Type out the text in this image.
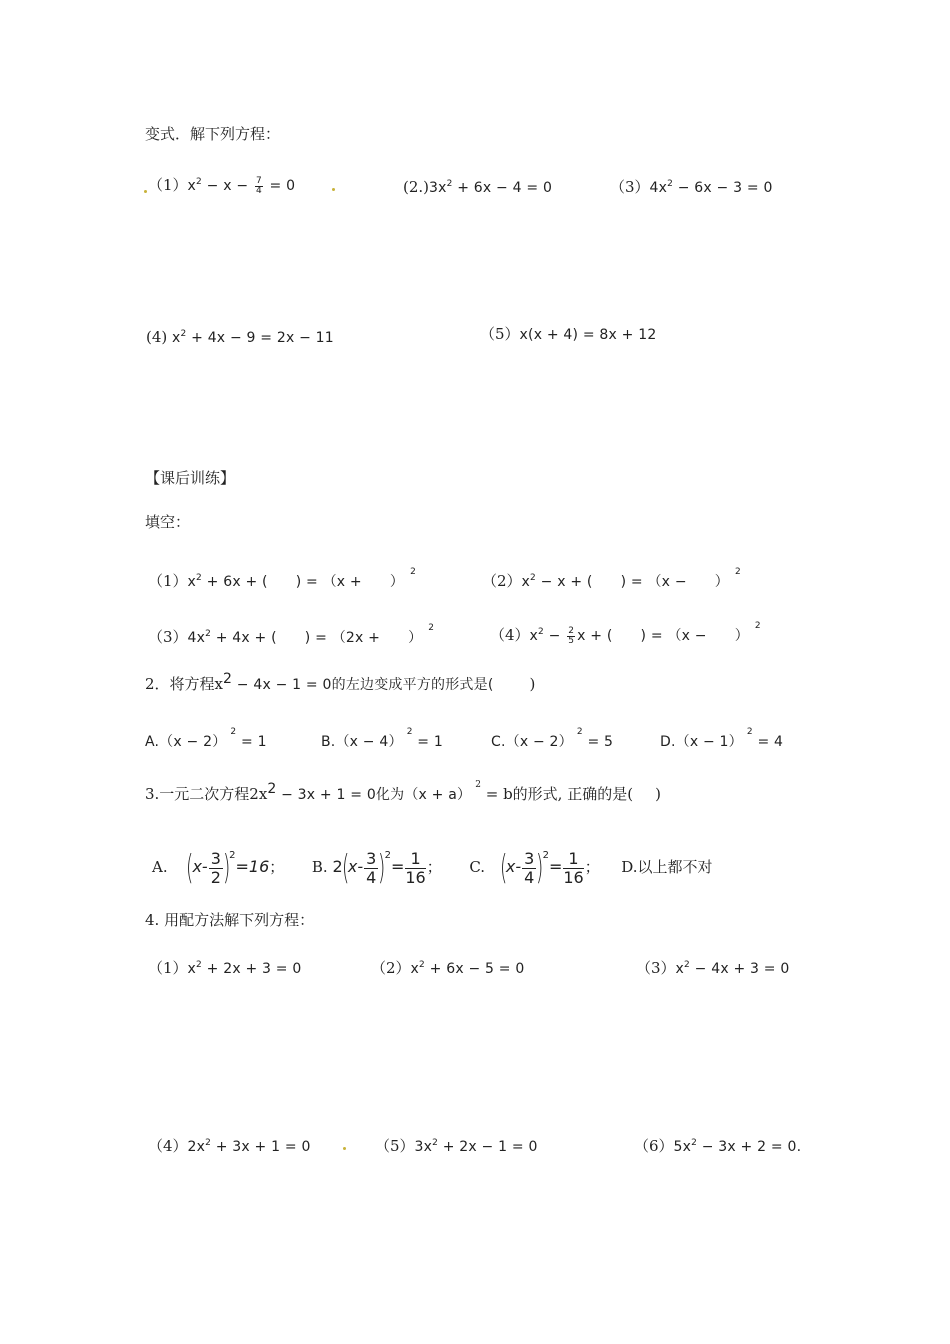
变式．解下列方程：
$(1)x^2 - x - \frac{7}{4} = 0$	$(2.)3x^2 + 6x - 4 = 0$	$(3)4x^2 - 6x - 3 = 0$
(4) $x^2 + 4x - 9 = 2x - 11$	（5）x(x + 4) = 8x + 12
【课后训练】
填空：
$(1)x^2 + 6x$ + ( ) = $(x + )^2$	$(2)x^2 - x$ + ( ) = $(x - )^2$
$(3)4x^2 + 4x$ + ( ) = $(2x + )^2$	$(4)x^2 - \frac{2}{5}$ x + ( ) = $(x - )^2$
2．将方程$x^2 - 4x - 1 = 0$的左边变成平方的形式是( )
$A.(x - 2)^2 = 1$	$B.(x - 4)^2 = 1$	$C.(x - 2)^2 = 5$	$D.(x - 1)^2 = 4$
3.一元二次方程$2x^2 - 3x + 1 = 0$化为$(x + a)^2 = b$的形式, 正确的是( )
A. $(x- \frac{3}{2} )^2=16$； B. $2(x- \frac{3}{4} )^2= \frac{1}{16}$ ； C. $(x- \frac{3}{4} )^2= \frac{1}{16}$ ； D.以上都不对
4. 用配方法解下列方程：
$(1)x^2 + 2x + 3 = 0$	$(2)x^2 + 6x - 5 = 0$	$(3)x^2 - 4x + 3 = 0$
$(4)2x^2 + 3x + 1 = 0$	$(5)3x^2 + 2x - 1 = 0$	$(6)5x^2 - 3x + 2 = 0$.
